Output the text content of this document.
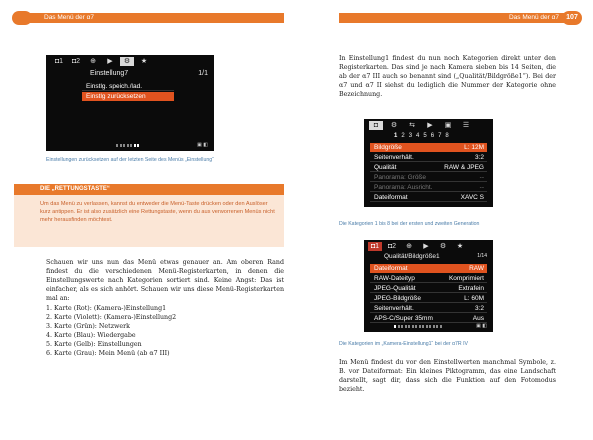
Das Menü der α7	Das Menü der α7	107
◘1	◘2	⊕	▶	⚙	★
Einstellung7	1/1
Einstlg. speich./lad.
Einstlg zurücksetzen
▣ ◧
Einstellungen zurücksetzen auf der letzten Seite des Menüs „Einstellung“
DIE „RETTUNGSTASTE“
Um das Menü zu verlassen, kannst du entweder die Menü-Taste drücken oder den Auslöser kurz antippen. Er ist also zusätzlich eine Rettungstaste, wenn du aus verworrenen Menüs nicht mehr herausfinden möchtest.

Schauen wir uns nun das Menü etwas genauer an. Am oberen Rand findest du die verschiedenen Menü-Registerkarten, in denen die Einstellungswerte nach Kategorien sortiert sind. Keine Angst: Das ist einfacher, als es sich anhört. Schauen wir uns diese Menü-Registerkarten mal an:

1. Karte (Rot): (Kamera-)Einstellung1
2. Karte (Violett): (Kamera-)Einstellung2
3. Karte (Grün): Netzwerk
4. Karte (Blau): Wiedergabe
5. Karte (Gelb): Einstellungen
6. Karte (Grau): Mein Menü (ab α7 III)

In Einstellung1 findest du nun noch Kategorien direkt unter den Registerkarten. Das sind je nach Kamera sieben bis 14 Seiten, die ab der α7 III auch so benannt sind („Qualität/Bildgröße1“). Bei der α7 und α7 II siehst du lediglich die Nummer der Kategorie ohne Bezeichnung.

◘	⚙	⇆	▶	▣	☰
1 2 3 4 5 6 7 8
Bildgröße	L: 12M
Seitenverhält.	3:2
Qualität	RAW & JPEG
Panorama: Größe	--
Panorama: Ausricht.	--
Dateiformat	XAVC S
Die Kategorien 1 bis 8 bei der ersten und zweiten Generation
◘1	◘2	⊕	▶	⚙	★
Qualität/Bildgröße1	1/14
Dateiformat	RAW
RAW-Dateityp	Komprimiert
JPEG-Qualität	Extrafein
JPEG-Bildgröße	L: 60M
Seitenverhält.	3:2
APS-C/Super 35mm	Aus
▣ ◧
Die Kategorien im „Kamera-Einstellung1“ bei der α7R IV

Im Menü findest du vor den Einstellwerten manchmal Symbole, z. B. vor Dateiformat: Ein kleines Piktogramm, das eine Landschaft darstellt, sagt dir, dass sich die Funktion auf den Fotomodus bezieht.
